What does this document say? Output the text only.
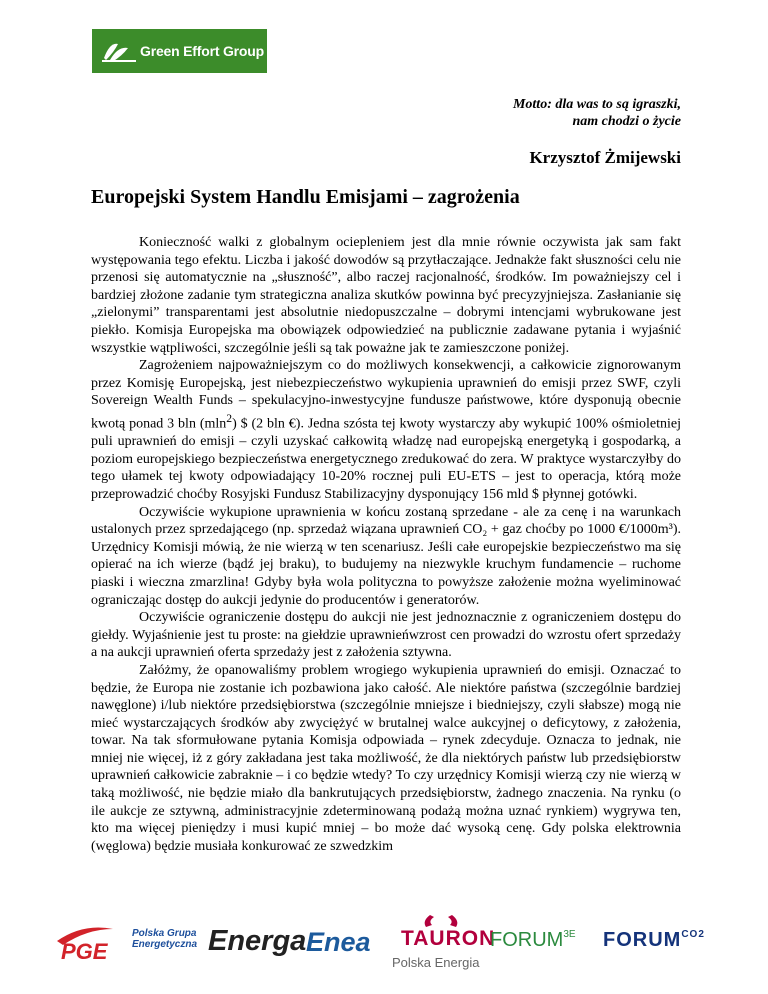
Green Effort Group
Motto: dla was to są igraszki,
nam chodzi o życie
Krzysztof Żmijewski
Europejski System Handlu Emisjami – zagrożenia

Konieczność walki z globalnym ociepleniem jest dla mnie równie oczywista jak sam fakt występowania tego efektu. Liczba i jakość dowodów są przytłaczające. Jednakże fakt słuszności celu nie przenosi się automatycznie na „słuszność”, albo raczej racjonalność, środków. Im poważniejszy cel i bardziej złożone zadanie tym strategiczna analiza skutków powinna być precyzyjniejsza. Zasłanianie się „zielonymi” transparentami jest absolutnie niedopuszczalne – dobrymi intencjami wybrukowane jest piekło. Komisja Europejska ma obowiązek odpowiedzieć na publicznie zadawane pytania i wyjaśnić wszystkie wątpliwości, szczególnie jeśli są tak poważne jak te zamieszczone poniżej.

Zagrożeniem najpoważniejszym co do możliwych konsekwencji, a całkowicie zignorowanym przez Komisję Europejską, jest niebezpieczeństwo wykupienia uprawnień do emisji przez SWF, czyli Sovereign Wealth Funds – spekulacyjno-inwestycyjne fundusze państwowe, które dysponują obecnie kwotą ponad 3 bln (mln$^2$) $ (2 bln €). Jedna szósta tej kwoty wystarczy aby wykupić 100% ośmioletniej puli uprawnień do emisji – czyli uzyskać całkowitą władzę nad europejską energetyką i gospodarką, a poziom europejskiego bezpieczeństwa energetycznego zredukować do zera. W praktyce wystarczyłby do tego ułamek tej kwoty odpowiadający 10-20% rocznej puli EU-ETS – jest to operacja, którą może przeprowadzić choćby Rosyjski Fundusz Stabilizacyjny dysponujący 156 mld $ płynnej gotówki.

Oczywiście wykupione uprawnienia w końcu zostaną sprzedane - ale za cenę i na warunkach ustalonych przez sprzedającego (np. sprzedaż wiązana uprawnień CO₂ + gaz choćby po 1000 €/1000m³). Urzędnicy Komisji mówią, że nie wierzą w ten scenariusz. Jeśli całe europejskie bezpieczeństwo ma się opierać na ich wierze (bądź jej braku), to budujemy na niezwykle kruchym fundamencie – ruchome piaski i wieczna zmarzlina! Gdyby była wola polityczna to powyższe założenie można wyeliminować ograniczając dostęp do aukcji jedynie do producentów i generatorów.

Oczywiście ograniczenie dostępu do aukcji nie jest jednoznacznie z ograniczeniem dostępu do giełdy. Wyjaśnienie jest tu proste: na giełdzie uprawnieńwzrost cen prowadzi do wzrostu ofert sprzedaży a na aukcji uprawnień oferta sprzedaży jest z założenia sztywna.

Załóżmy, że opanowaliśmy problem wrogiego wykupienia uprawnień do emisji. Oznaczać to będzie, że Europa nie zostanie ich pozbawiona jako całość. Ale niektóre państwa (szczególnie bardziej nawęglone) i/lub niektóre przedsiębiorstwa (szczególnie mniejsze i biedniejszy, czyli słabsze) mogą nie mieć wystarczających środków aby zwyciężyć w brutalnej walce aukcyjnej o deficytowy, z założenia, towar. Na tak sformułowane pytania Komisja odpowiada – rynek zdecyduje. Oznacza to jednak, nie mniej nie więcej, iż z góry zakładana jest taka możliwość, że dla niektórych państw lub przedsiębiorstw uprawnień całkowicie zabraknie – i co będzie wtedy? To czy urzędnicy Komisji wierzą czy nie wierzą w taką możliwość, nie będzie miało dla bankrutujących przedsiębiorstw, żadnego znaczenia. Na rynku (o ile aukcje ze sztywną, administracyjnie zdeterminowaną podażą można uznać rynkiem) wygrywa ten, kto ma więcej pieniędzy i musi kupić mniej – bo może dać wysoką cenę. Gdy polska elektrownia (węglowa) będzie musiała konkurować ze szwedzkim

PGE
Polska Grupa
Energetyczna Energa Enea TAURON
Polska Energia
$FORUM^{3E}$ $FORUM^{CO2}$
